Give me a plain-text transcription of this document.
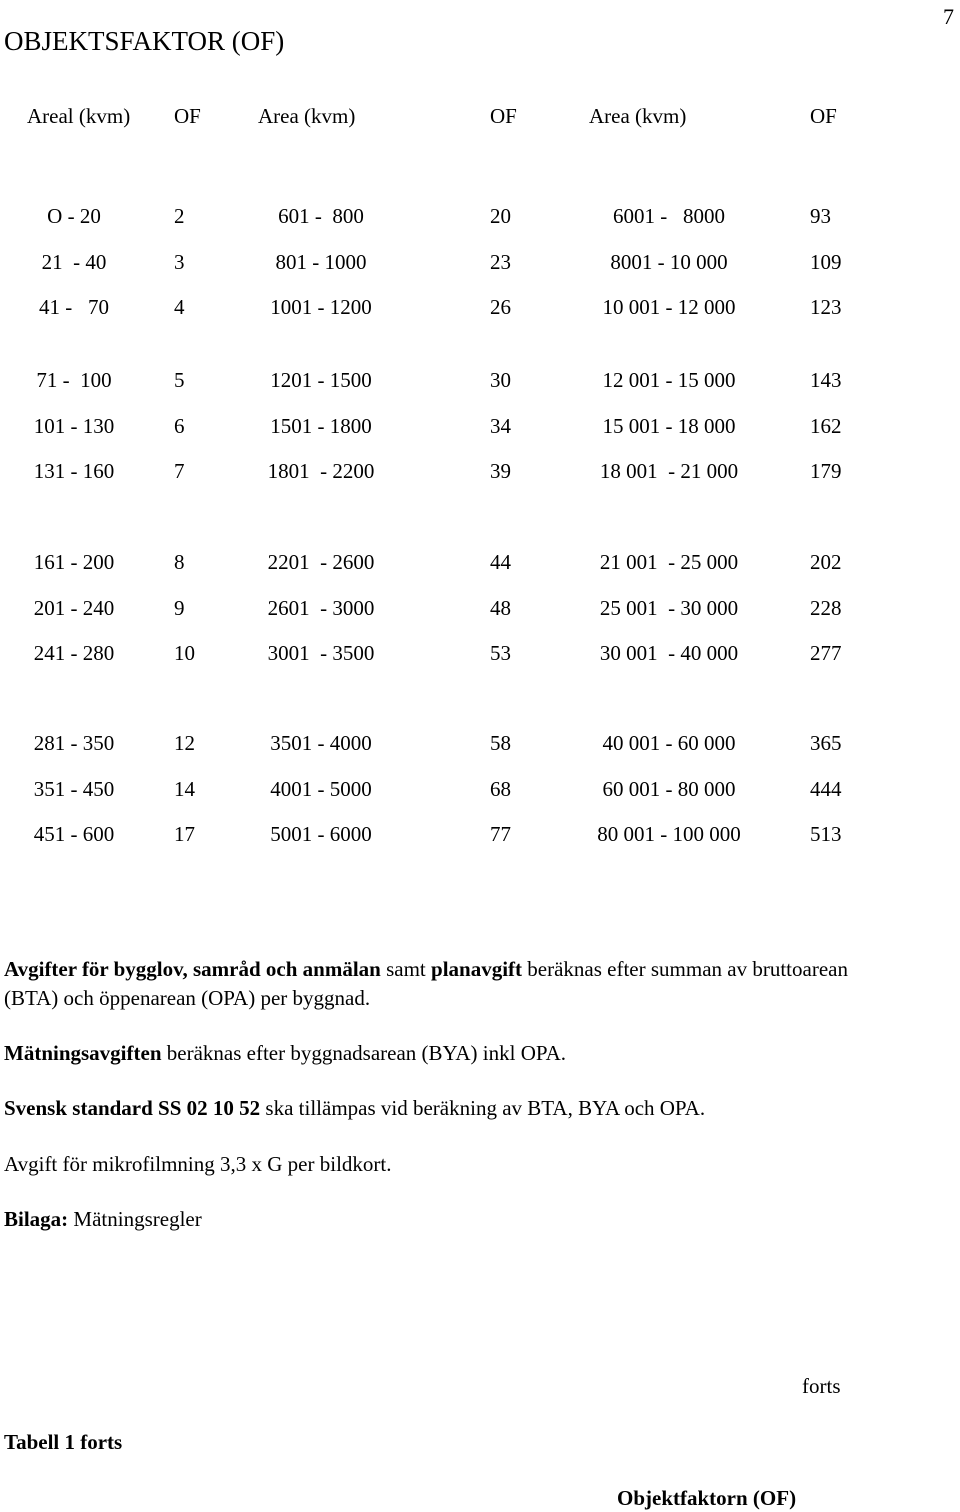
7
OBJEKTSFAKTOR (OF)
Areal (kvm) OF	Area (kvm)	OF	Area (kvm)	OF
O - 20	2	601 -  800	20	6001 -   8000	93
21  - 40	3	801 - 1000	23	8001 - 10 000	109
41 -   70	4	1001 - 1200	26	10 001 - 12 000	123
71 -  100	5	1201 - 1500	30	12 001 - 15 000	143
101 - 130	6	1501 - 1800	34	15 001 - 18 000	162
131 - 160	7	1801  - 2200	39	18 001  - 21 000	179
161 - 200	8	2201  - 2600	44	21 001  - 25 000	202
201 - 240	9	2601  - 3000	48	25 001  - 30 000	228
241 - 280	10	3001  - 3500	53	30 001  - 40 000	277
281 - 350	12	3501 - 4000	58	40 001 - 60 000	365
351 - 450	14	4001 - 5000	68	60 001 - 80 000	444
451 - 600	17	5001 - 6000	77	80 001 - 100 000	513
Avgifter för bygglov, samråd och anmälan samt planavgift beräknas efter summan av bruttoarean (BTA) och öppenarean (OPA) per byggnad.
Mätningsavgiften beräknas efter byggnadsarean (BYA) inkl OPA.
Svensk standard SS 02 10 52 ska tillämpas vid beräkning av BTA, BYA och OPA.
Avgift för mikrofilmning 3,3 x G per bildkort.
Bilaga: Mätningsregler
forts
Tabell 1 forts
Objektfaktorn (OF)
